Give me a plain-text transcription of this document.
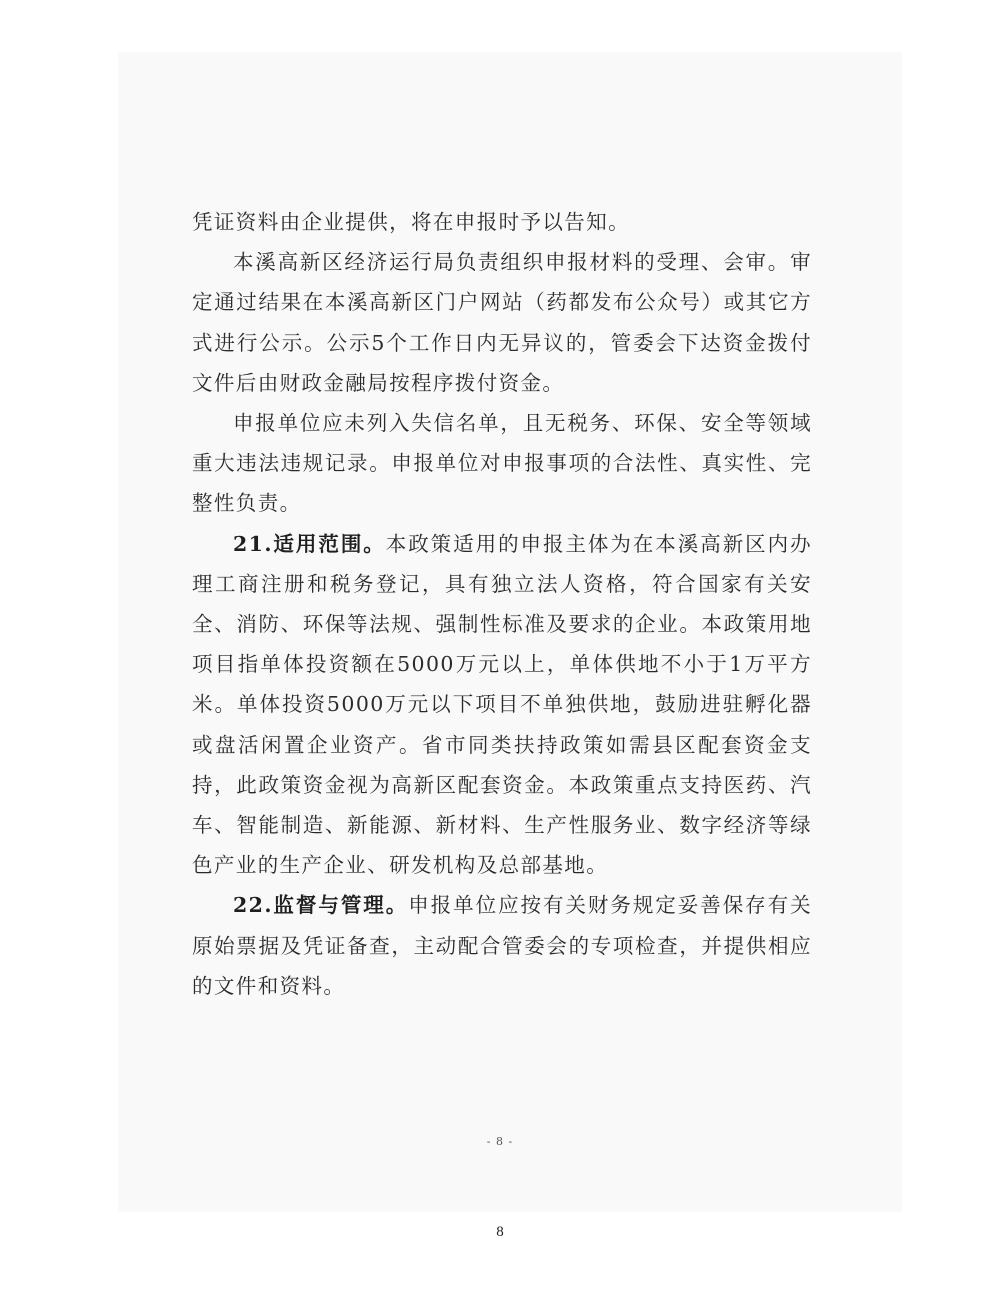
凭证资料由企业提供，将在申报时予以告知。

本溪高新区经济运行局负责组织申报材料的受理、会审。审定通过结果在本溪高新区门户网站（药都发布公众号）或其它方式进行公示。公示5个工作日内无异议的，管委会下达资金拨付文件后由财政金融局按程序拨付资金。

申报单位应未列入失信名单，且无税务、环保、安全等领域重大违法违规记录。申报单位对申报事项的合法性、真实性、完整性负责。

21.适用范围。本政策适用的申报主体为在本溪高新区内办理工商注册和税务登记，具有独立法人资格，符合国家有关安全、消防、环保等法规、强制性标准及要求的企业。本政策用地项目指单体投资额在5000万元以上，单体供地不小于1万平方米。单体投资5000万元以下项目不单独供地，鼓励进驻孵化器或盘活闲置企业资产。省市同类扶持政策如需县区配套资金支持，此政策资金视为高新区配套资金。本政策重点支持医药、汽车、智能制造、新能源、新材料、生产性服务业、数字经济等绿色产业的生产企业、研发机构及总部基地。

22.监督与管理。申报单位应按有关财务规定妥善保存有关原始票据及凭证备查，主动配合管委会的专项检查，并提供相应的文件和资料。

- 8 -
8
